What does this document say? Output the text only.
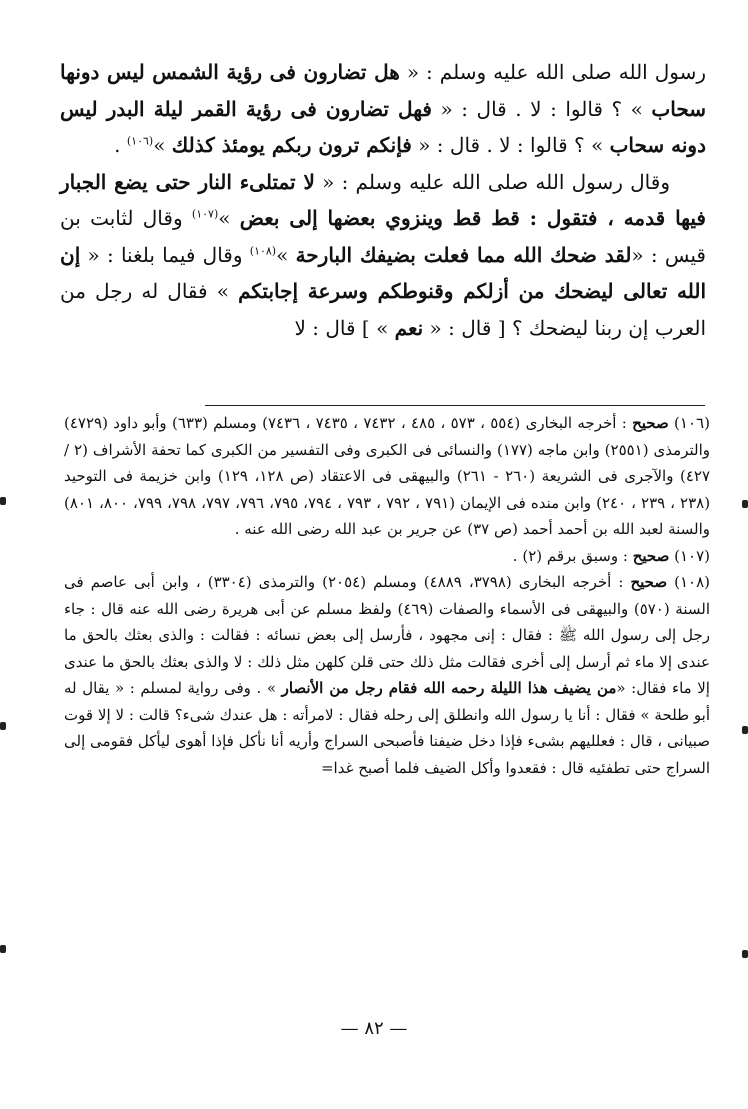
رسول الله صلى الله عليه وسلم : « هل تضارون فى رؤية الشمس ليس دونها سحاب » ؟ قالوا : لا . قال : « فهل تضارون فى رؤية القمر ليلة البدر ليس دونه سحاب » ؟ قالوا : لا . قال : « فإنكم ترون ربكم يومئذ كذلك »$^{(١٠٦)}$ .

وقال رسول الله صلى الله عليه وسلم : « لا تمتلىء النار حتى يضع الجبار فيها قدمه ، فتقول : قط قط وينزوي بعضها إلى بعض »$^{(١٠٧)}$ وقال لثابت بن قيس : «لقد ضحك الله مما فعلت بضيفك البارحة »$^{(١٠٨)}$ وقال فيما بلغنا : « إن الله تعالى ليضحك من أزلكم وقنوطكم وسرعة إجابتكم » فقال له رجل من العرب إن ربنا ليضحك ؟ [ قال : « نعم » ] قال : لا

(١٠٦) صحيح : أخرجه البخارى (٥٥٤ ، ٥٧٣ ، ٤٨٥ ، ٧٤٣٢ ، ٧٤٣٥ ، ٧٤٣٦) ومسلم (٦٣٣) وأبو داود (٤٧٢٩) والترمذى (٢٥٥١) وابن ماجه (١٧٧) والنسائى فى الكبرى وفى التفسير من الكبرى كما تحفة الأشراف (٢ / ٤٢٧) والآجرى فى الشريعة (٢٦٠ - ٢٦١) والبيهقى فى الاعتقاد (ص ١٢٨، ١٢٩) وابن خزيمة فى التوحيد (٢٣٨ ، ٢٣٩ ، ٢٤٠) وابن منده فى الإيمان (٧٩١ ، ٧٩٢ ، ٧٩٣ ، ٧٩٤، ٧٩٥، ٧٩٦، ٧٩٧، ٧٩٨، ٧٩٩، ٨٠٠، ٨٠١) والسنة لعبد الله بن أحمد أحمد (ص ٣٧) عن جرير بن عبد الله رضى الله عنه .

(١٠٧) صحيح : وسبق برقم (٢) .

(١٠٨) صحيح : أخرجه البخارى (٣٧٩٨، ٤٨٨٩) ومسلم (٢٠٥٤) والترمذى (٣٣٠٤) ، وابن أبى عاصم فى السنة (٥٧٠) والبيهقى فى الأسماء والصفات (٤٦٩) ولفظ مسلم عن أبى هريرة رضى الله عنه قال : جاء رجل إلى رسول الله ﷺ : فقال : إنى مجهود ، فأرسل إلى بعض نسائه : فقالت : والذى بعثك بالحق ما عندى إلا ماء ثم أرسل إلى أخرى فقالت مثل ذلك حتى قلن كلهن مثل ذلك : لا والذى بعثك بالحق ما عندى إلا ماء فقال: «من يضيف هذا الليلة رحمه الله فقام رجل من الأنصار » . وفى رواية لمسلم : « يقال له أبو طلحة » فقال : أنا يا رسول الله وانطلق إلى رحله فقال : لامرأته : هل عندك شىء؟ قالت : لا إلا قوت صبيانى ، قال : فعلليهم بشىء فإذا دخل ضيفنا فأصبحى السراج وأريه أنا نأكل فإذا أهوى ليأكل فقومى إلى السراج حتى تطفئيه قال : فقعدوا وأكل الضيف فلما أصبح غدا=

— ٨٢ —
